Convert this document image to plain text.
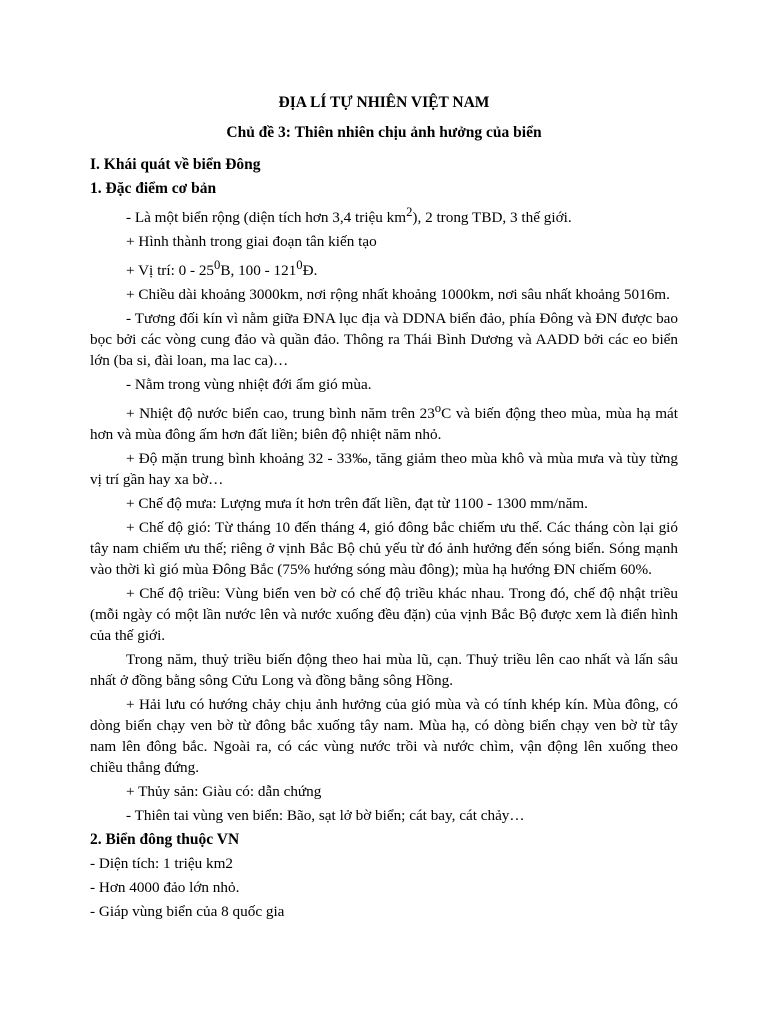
ĐỊA LÍ TỰ NHIÊN VIỆT NAM

Chủ đề 3: Thiên nhiên chịu ảnh hưởng của biển

I. Khái quát về biển Đông

1. Đặc điểm cơ bản

- Là một biển rộng (diện tích hơn 3,4 triệu $km^2$), 2 trong TBD, 3 thế giới.

+ Hình thành trong giai đoạn tân kiến tạo

+ Vị trí: $0 - 25^0B$, $100 - 121^0Đ$.

+ Chiều dài khoảng 3000km, nơi rộng nhất khoảng 1000km, nơi sâu nhất khoảng 5016m.

- Tương đối kín vì nằm giữa ĐNA lục địa và DDNA biển đảo, phía Đông và ĐN được bao bọc bởi các vòng cung đảo và quần đảo. Thông ra Thái Bình Dương và AADD bởi các eo biển lớn (ba si, đài loan, ma lac ca)…

- Nằm trong vùng nhiệt đới ẩm gió mùa.

+ Nhiệt độ nước biển cao, trung bình năm trên 23$^o$C và biến động theo mùa, mùa hạ mát hơn và mùa đông ấm hơn đất liền; biên độ nhiệt năm nhỏ.

+ Độ mặn trung bình khoảng 32 - 33‰, tăng giảm theo mùa khô và mùa mưa và tùy từng vị trí gần hay xa bờ…

+ Chế độ mưa: Lượng mưa ít hơn trên đất liền, đạt từ 1100 - 1300 mm/năm.

+ Chế độ gió: Từ tháng 10 đến tháng 4, gió đông bắc chiếm ưu thế. Các tháng còn lại gió tây nam chiếm ưu thế; riêng ở vịnh Bắc Bộ chủ yếu từ đó ảnh hưởng đến sóng biển. Sóng mạnh vào thời kì gió mùa Đông Bắc (75% hướng sóng màu đông); mùa hạ hướng ĐN chiếm 60%.

+ Chế độ triều: Vùng biển ven bờ có chế độ triều khác nhau. Trong đó, chế độ nhật triều (mỗi ngày có một lần nước lên và nước xuống đều đặn) của vịnh Bắc Bộ được xem là điển hình của thế giới.

Trong năm, thuỷ triều biến động theo hai mùa lũ, cạn. Thuỷ triều lên cao nhất và lấn sâu nhất ở đồng bằng sông Cửu Long và đồng bằng sông Hồng.

+ Hải lưu có hướng chảy chịu ảnh hưởng của gió mùa và có tính khép kín. Mùa đông, có dòng biển chạy ven bờ từ đông bắc xuống tây nam. Mùa hạ, có dòng biển chạy ven bờ từ tây nam lên đông bắc. Ngoài ra, có các vùng nước trồi và nước chìm, vận động lên xuống theo chiều thẳng đứng.

+ Thủy sản: Giàu có: dẫn chứng

- Thiên tai vùng ven biển: Bão, sạt lở bờ biển; cát bay, cát chảy…

2. Biển đông thuộc VN

- Diện tích: 1 triệu km2

- Hơn 4000 đảo lớn nhỏ.

- Giáp vùng biển của 8 quốc gia
